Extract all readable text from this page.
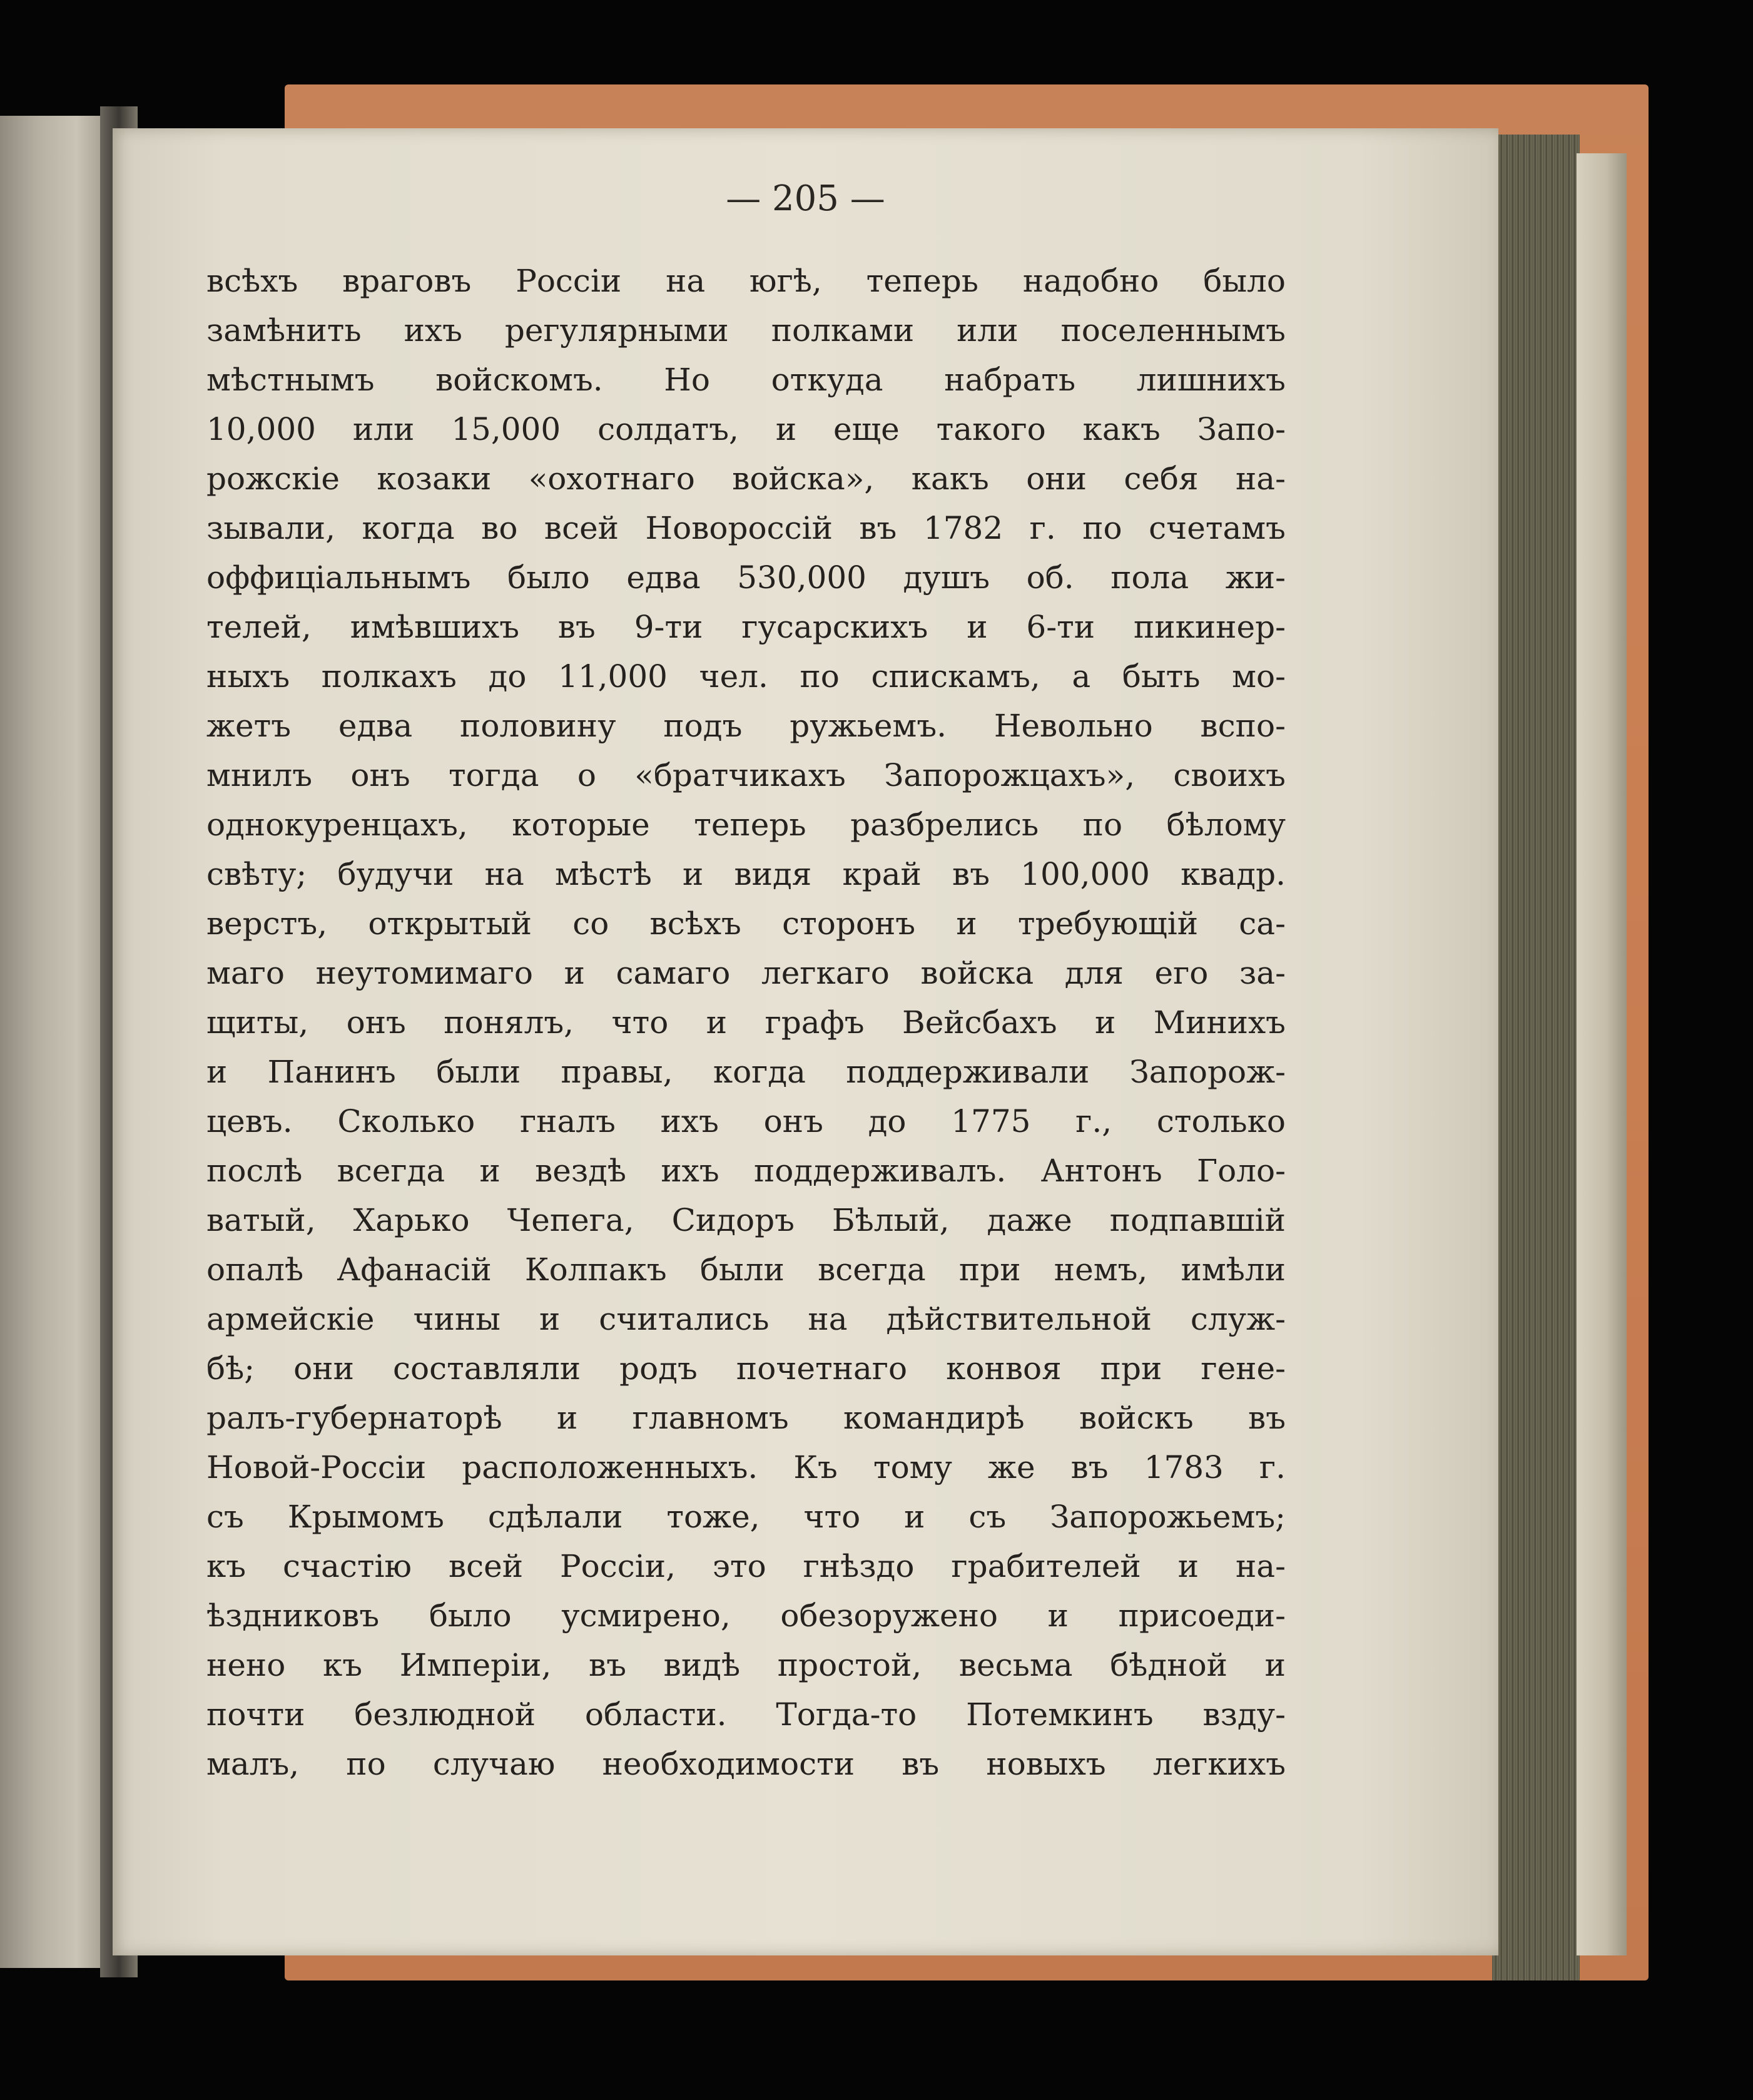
— 205 —

всѣхъ враговъ Россіи на югѣ, теперь надобно было
замѣнить ихъ регулярными полками или поселеннымъ
мѣстнымъ войскомъ. Но откуда набрать лишнихъ
10,000 или 15,000 солдатъ, и еще такого какъ Запо-
рожскіе козаки «охотнаго войска», какъ они себя на-
зывали, когда во всей Новороссій въ 1782 г. по счетамъ
оффиціальнымъ было едва 530,000 душъ об. пола жи-
телей, имѣвшихъ въ 9-ти гусарскихъ и 6-ти пикинер-
ныхъ полкахъ до 11,000 чел. по спискамъ, а быть мо-
жетъ едва половину подъ ружьемъ. Невольно вспо-
мнилъ онъ тогда о «братчикахъ Запорожцахъ», своихъ
однокуренцахъ, которые теперь разбрелись по бѣлому
свѣту; будучи на мѣстѣ и видя край въ 100,000 квадр.
верстъ, открытый со всѣхъ сторонъ и требующій са-
маго неутомимаго и самаго легкаго войска для его за-
щиты, онъ понялъ, что и графъ Вейсбахъ и Минихъ
и Панинъ были правы, когда поддерживали Запорож-
цевъ. Сколько гналъ ихъ онъ до 1775 г., столько
послѣ всегда и вездѣ ихъ поддерживалъ. Антонъ Голо-
ватый, Харько Чепега, Сидоръ Бѣлый, даже подпавшій
опалѣ Афанасій Колпакъ были всегда при немъ, имѣли
армейскіе чины и считались на дѣйствительной служ-
бѣ; они составляли родъ почетнаго конвоя при гене-
ралъ-губернаторѣ и главномъ командирѣ войскъ въ
Новой-Россіи расположенныхъ. Къ тому же въ 1783 г.
съ Крымомъ сдѣлали тоже, что и съ Запорожьемъ;
къ счастію всей Россіи, это гнѣздо грабителей и на-
ѣздниковъ было усмирено, обезоружено и присоеди-
нено къ Имперіи, въ видѣ простой, весьма бѣдной и
почти безлюдной области. Тогда-то Потемкинъ взду-
малъ, по случаю необходимости въ новыхъ легкихъ
